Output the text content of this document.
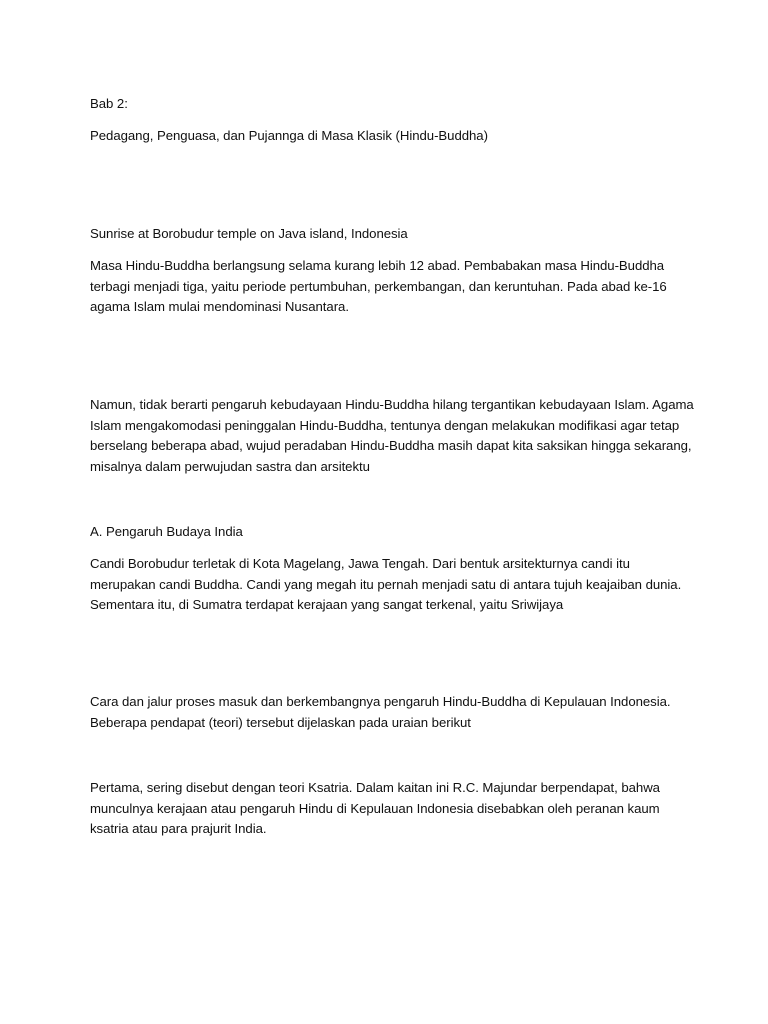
Bab 2:

Pedagang, Penguasa, dan Pujannga di Masa Klasik (Hindu-Buddha)

Sunrise at Borobudur temple on Java island, Indonesia

Masa Hindu-Buddha berlangsung selama kurang lebih 12 abad. Pembabakan masa Hindu-Buddha
terbagi menjadi tiga, yaitu periode pertumbuhan, perkembangan, dan keruntuhan. Pada abad ke-16
agama Islam mulai mendominasi Nusantara.

Namun, tidak berarti pengaruh kebudayaan Hindu-Buddha hilang tergantikan kebudayaan Islam. Agama
Islam mengakomodasi peninggalan Hindu-Buddha, tentunya dengan melakukan modifikasi agar tetap
berselang beberapa abad, wujud peradaban Hindu-Buddha masih dapat kita saksikan hingga sekarang,
misalnya dalam perwujudan sastra dan arsitektu

A. Pengaruh Budaya India

Candi Borobudur terletak di Kota Magelang, Jawa Tengah. Dari bentuk arsitekturnya candi itu
merupakan candi Buddha. Candi yang megah itu pernah menjadi satu di antara tujuh keajaiban dunia.
Sementara itu, di Sumatra terdapat kerajaan yang sangat terkenal, yaitu Sriwijaya

Cara dan jalur proses masuk dan berkembangnya pengaruh Hindu-Buddha di Kepulauan Indonesia.
Beberapa pendapat (teori) tersebut dijelaskan pada uraian berikut

Pertama, sering disebut dengan teori Ksatria. Dalam kaitan ini R.C. Majundar berpendapat, bahwa
munculnya kerajaan atau pengaruh Hindu di Kepulauan Indonesia disebabkan oleh peranan kaum
ksatria atau para prajurit India.
